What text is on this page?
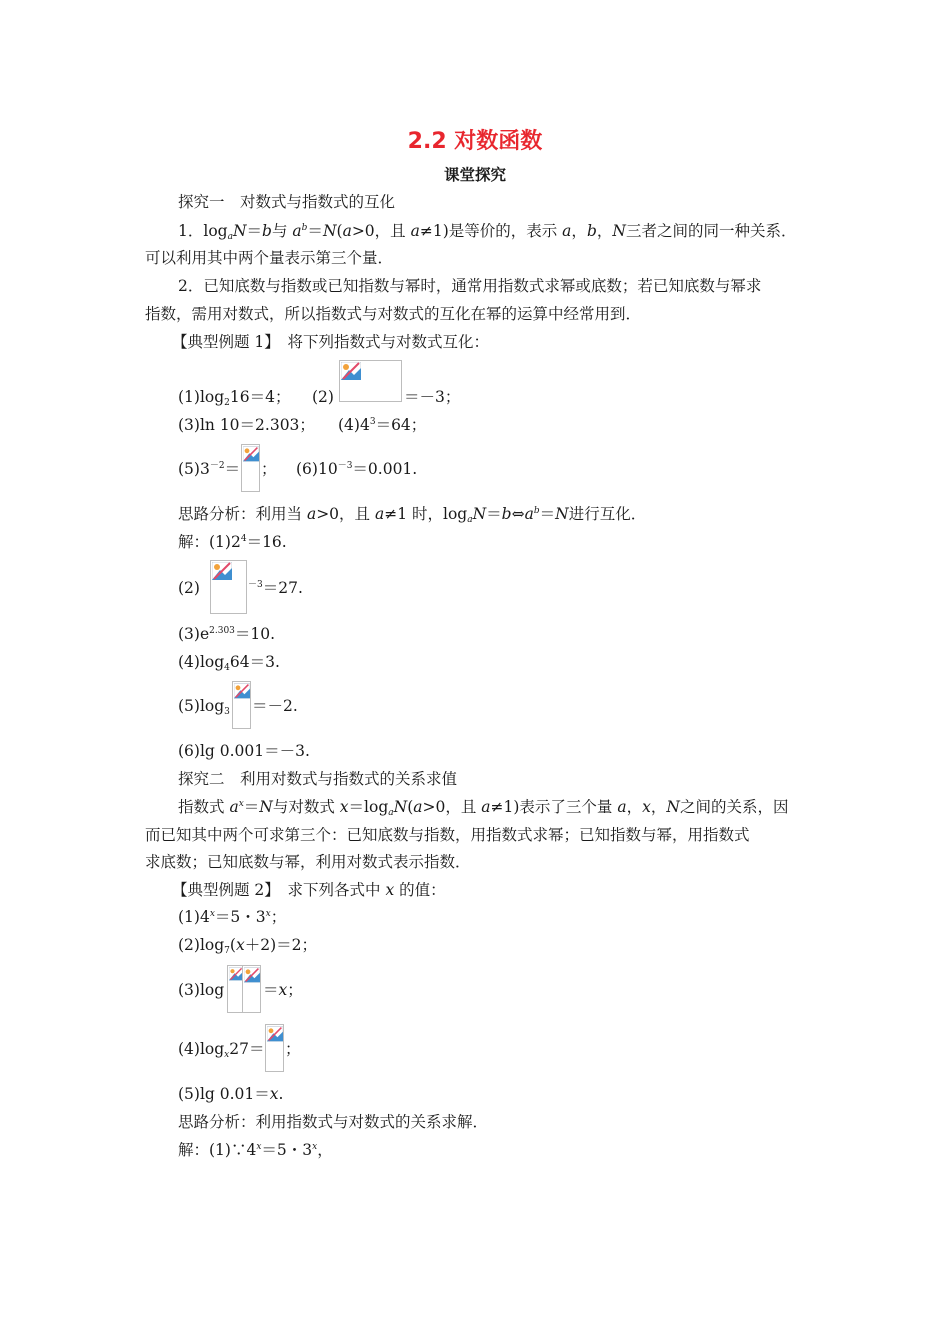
2.2 对数函数
课堂探究
探究一　对数式与指数式的互化
1．$\log_aN=b$与 $a^b=N(a>0$，且 a≠1)是等价的，表示 a，b，N三者之间的同一种关系．
可以利用其中两个量表示第三个量．
2．已知底数与指数或已知指数与幂时，通常用指数式求幂或底数；若已知底数与幂求
指数，需用对数式，所以指数式与对数式的互化在幂的运算中经常用到．
【典型例题 1】　将下列指数式与对数式互化：
$(1)\log_216=4$； (2)	＝－3；
(3)ln 10＝2.303； $(4)4^3=64$；
$(5)3^{-2}=$ ； $(6)10^{-3}=0.001$.
思路分析：利用当 a>0，且 a≠1 时，$\log_aN=b\Leftrightarrow a^b=N$进行互化．
解：$(1)2^4=16$.
(2)	$^{-3}$＝27.
$(3)e^{2.303}=10$.
$(4)\log_464=3$.
$(5)\log_3 =-2$.
(6)lg 0.001＝－3.
探究二　利用对数式与指数式的关系求值
指数式 $a^x=N$与对数式 $x=\log_aN(a>0$，且 a≠1)表示了三个量 a，x，N之间的关系，因
而已知其中两个可求第三个：已知底数与指数，用指数式求幂；已知指数与幂，用指数式
求底数；已知底数与幂，利用对数式表示指数．
【典型例题 2】　求下列各式中 x 的值：
$(1)4^x=5$・3$^x$；
$(2)\log_7(x+2)=2$；
(3)log	＝x；
$(4)\log_x27=$ ；
(5)lg 0.01＝x.
思路分析：利用指数式与对数式的关系求解．
解：$(1)\because 4^x=5$・3$^x$，
